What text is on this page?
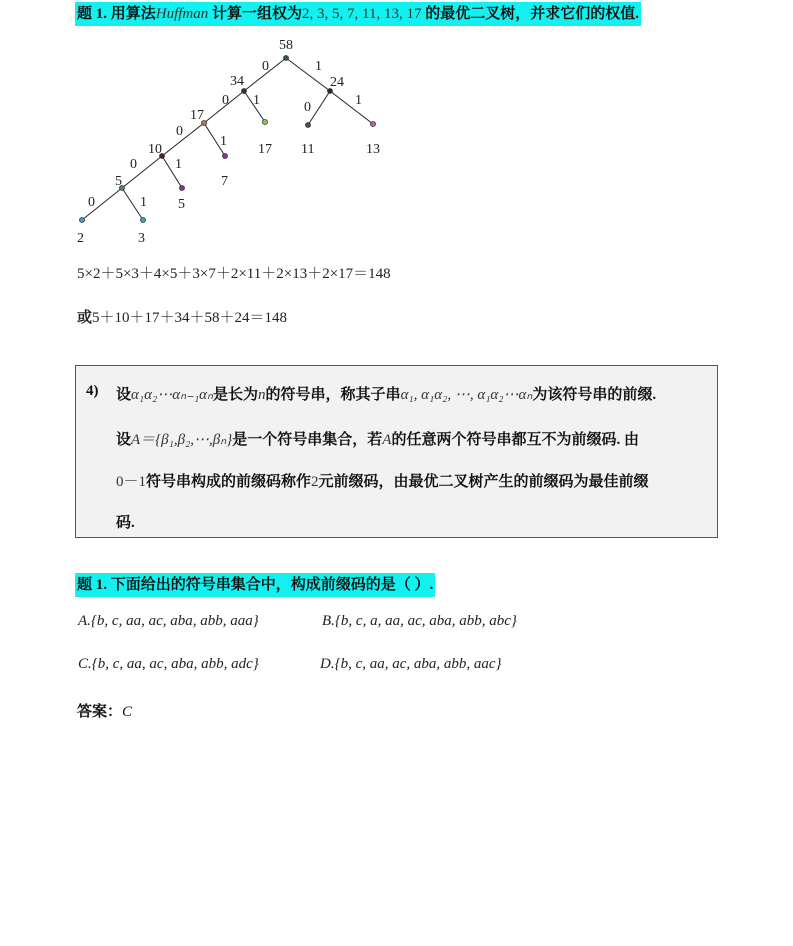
题 1. 用算法Huffman 计算一组权为2, 3, 5, 7, 11, 13, 17 的最优二叉树，并求它们的权值.
58
34	24
17
17 11	13
10
7
5
5
2	3
0	1
0 1	0	1
0
1
0	1
0	1
5×2＋5×3＋4×5＋3×7＋2×11＋2×13＋2×17＝148
或5＋10＋17＋34＋58＋24＝148
4) 设α₁α₂⋯αₙ₋₁αₙ是长为n的符号串，称其子串α₁, α₁α₂, ⋯, α₁α₂⋯αₙ为该符号串的前缀.
设A＝{β₁,β₂,⋯,βₙ}是一个符号串集合，若A的任意两个符号串都互不为前缀码. 由
0－1符号串构成的前缀码称作2元前缀码，由最优二叉树产生的前缀码为最佳前缀
码.
题 1. 下面给出的符号串集合中，构成前缀码的是（ ）.
A.{b, c, aa, ac, aba, abb, aaa}	B.{b, c, a, aa, ac, aba, abb, abc}
C.{b, c, aa, ac, aba, abb, adc}	D.{b, c, aa, ac, aba, abb, aac}
答案：C
